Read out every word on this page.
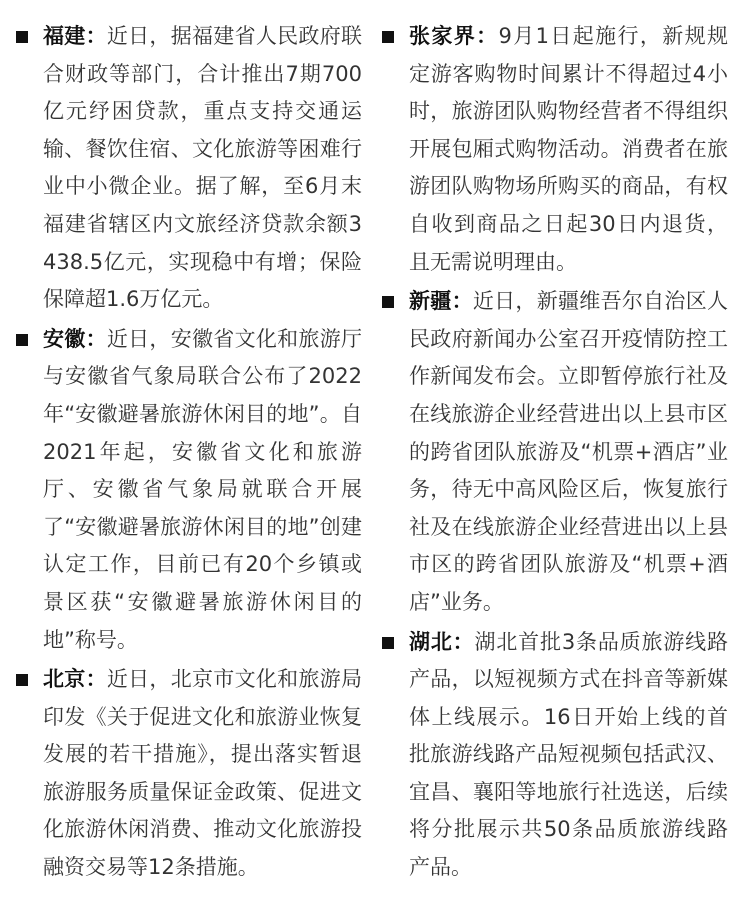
福建：近日，据福建省人民政府联合财政等部门，合计推出7期700亿元纾困贷款，重点支持交通运输、餐饮住宿、文化旅游等困难行业中小微企业。据了解，至6月末福建省辖区内文旅经济贷款余额3438.5亿元，实现稳中有增；保险保障超1.6万亿元。
安徽：近日，安徽省文化和旅游厅与安徽省气象局联合公布了2022年“安徽避暑旅游休闲目的地”。自2021年起，安徽省文化和旅游厅、安徽省气象局就联合开展了“安徽避暑旅游休闲目的地”创建认定工作，目前已有20个乡镇或景区获“安徽避暑旅游休闲目的地”称号。
北京：近日，北京市文化和旅游局印发《关于促进文化和旅游业恢复发展的若干措施》，提出落实暂退旅游服务质量保证金政策、促进文化旅游休闲消费、推动文化旅游投融资交易等12条措施。
张家界：9月1日起施行，新规规定游客购物时间累计不得超过4小时，旅游团队购物经营者不得组织开展包厢式购物活动。消费者在旅游团队购物场所购买的商品，有权自收到商品之日起30日内退货，且无需说明理由。
新疆：近日，新疆维吾尔自治区人民政府新闻办公室召开疫情防控工作新闻发布会。立即暂停旅行社及在线旅游企业经营进出以上县市区的跨省团队旅游及“机票+酒店”业务，待无中高风险区后，恢复旅行社及在线旅游企业经营进出以上县市区的跨省团队旅游及“机票+酒店”业务。
湖北：湖北首批3条品质旅游线路产品，以短视频方式在抖音等新媒体上线展示。16日开始上线的首批旅游线路产品短视频包括武汉、宜昌、襄阳等地旅行社选送，后续将分批展示共50条品质旅游线路产品。
